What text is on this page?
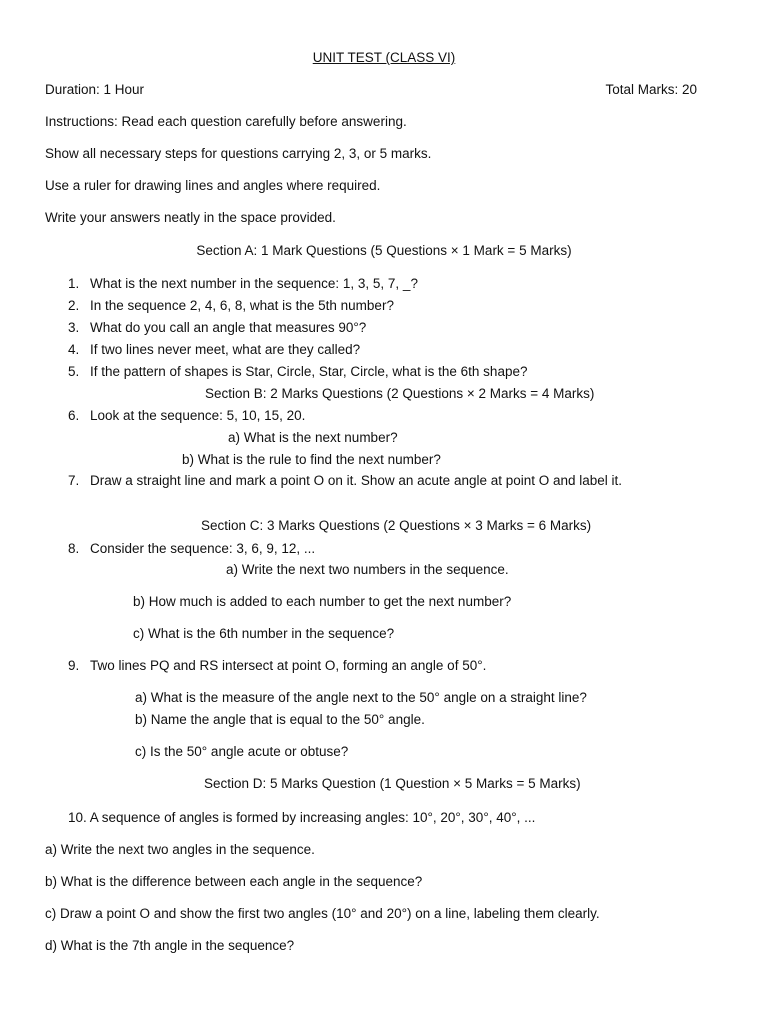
UNIT TEST (CLASS VI)
Duration: 1 Hour	Total Marks: 20
Instructions: Read each question carefully before answering.
Show all necessary steps for questions carrying 2, 3, or 5 marks.
Use a ruler for drawing lines and angles where required.
Write your answers neatly in the space provided.
Section A: 1 Mark Questions (5 Questions × 1 Mark = 5 Marks)
1. What is the next number in the sequence: 1, 3, 5, 7, _?
2. In the sequence 2, 4, 6, 8, what is the 5th number?
3. What do you call an angle that measures 90°?
4. If two lines never meet, what are they called?
5. If the pattern of shapes is Star, Circle, Star, Circle, what is the 6th shape?
Section B: 2 Marks Questions (2 Questions × 2 Marks = 4 Marks)
6. Look at the sequence: 5, 10, 15, 20.
a) What is the next number?
b) What is the rule to find the next number?
7. Draw a straight line and mark a point O on it. Show an acute angle at point O and label it.
Section C: 3 Marks Questions (2 Questions × 3 Marks = 6 Marks)
8. Consider the sequence: 3, 6, 9, 12, ...
a) Write the next two numbers in the sequence.
b) How much is added to each number to get the next number?
c) What is the 6th number in the sequence?
9. Two lines PQ and RS intersect at point O, forming an angle of 50°.
a) What is the measure of the angle next to the 50° angle on a straight line?
b) Name the angle that is equal to the 50° angle.
c) Is the 50° angle acute or obtuse?
Section D: 5 Marks Question (1 Question × 5 Marks = 5 Marks)
10. A sequence of angles is formed by increasing angles: 10°, 20°, 30°, 40°, ...
a) Write the next two angles in the sequence.
b) What is the difference between each angle in the sequence?
c) Draw a point O and show the first two angles (10° and 20°) on a line, labeling them clearly.
d) What is the 7th angle in the sequence?
